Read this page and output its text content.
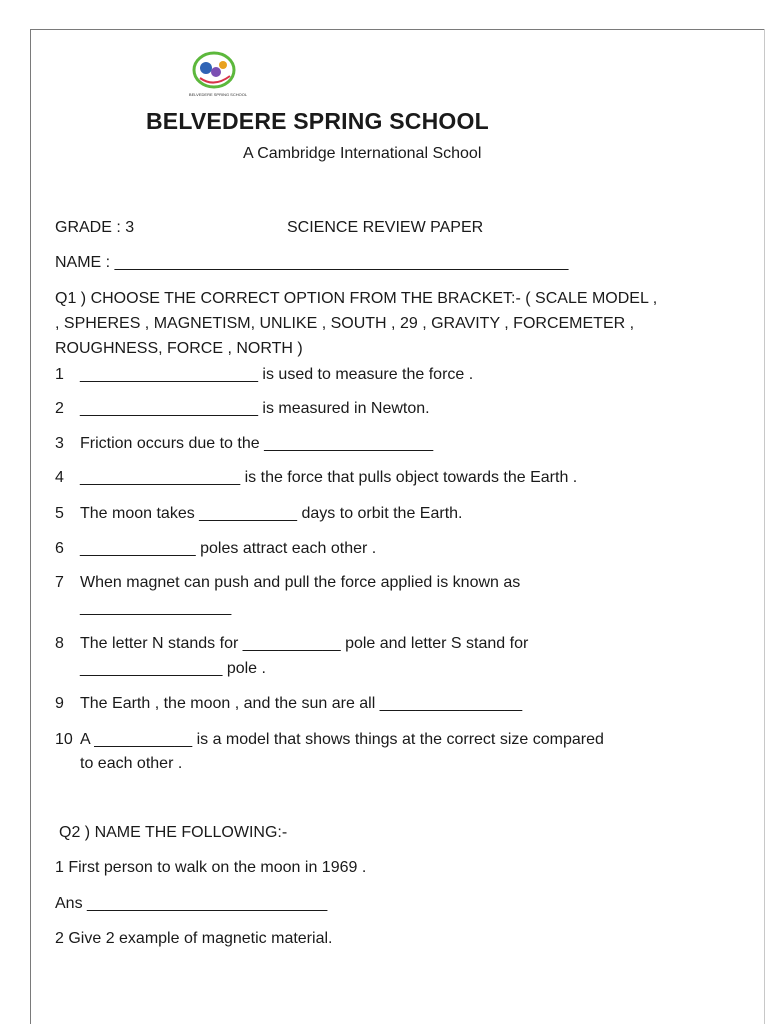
BELVEDERE SPRING SCHOOL
BELVEDERE SPRING SCHOOL
A Cambridge International School
GRADE : 3	SCIENCE REVIEW PAPER
NAME : ___________________________________________________
Q1 ) CHOOSE THE CORRECT OPTION FROM THE BRACKET:- ( SCALE MODEL ,
, SPHERES , MAGNETISM, UNLIKE , SOUTH , 29 , GRAVITY , FORCEMETER ,
ROUGHNESS, FORCE , NORTH )
1 ____________________ is used to measure the force .
2 ____________________ is measured in Newton.
3 Friction occurs due to the ___________________
4 __________________ is the force that pulls object towards the Earth .
5 The moon takes ___________ days to orbit the Earth.
6 _____________ poles attract each other .
7 When magnet can push and pull the force applied is known as
_________________
8 The letter N stands for ___________ pole and letter S stand for
________________ pole .
9 The Earth , the moon , and the sun are all ________________
10 A ___________ is a model that shows things at the correct size compared
to each other .
Q2 ) NAME THE FOLLOWING:-
1 First person to walk on the moon in 1969 .
Ans ___________________________
2 Give 2 example of magnetic material.
